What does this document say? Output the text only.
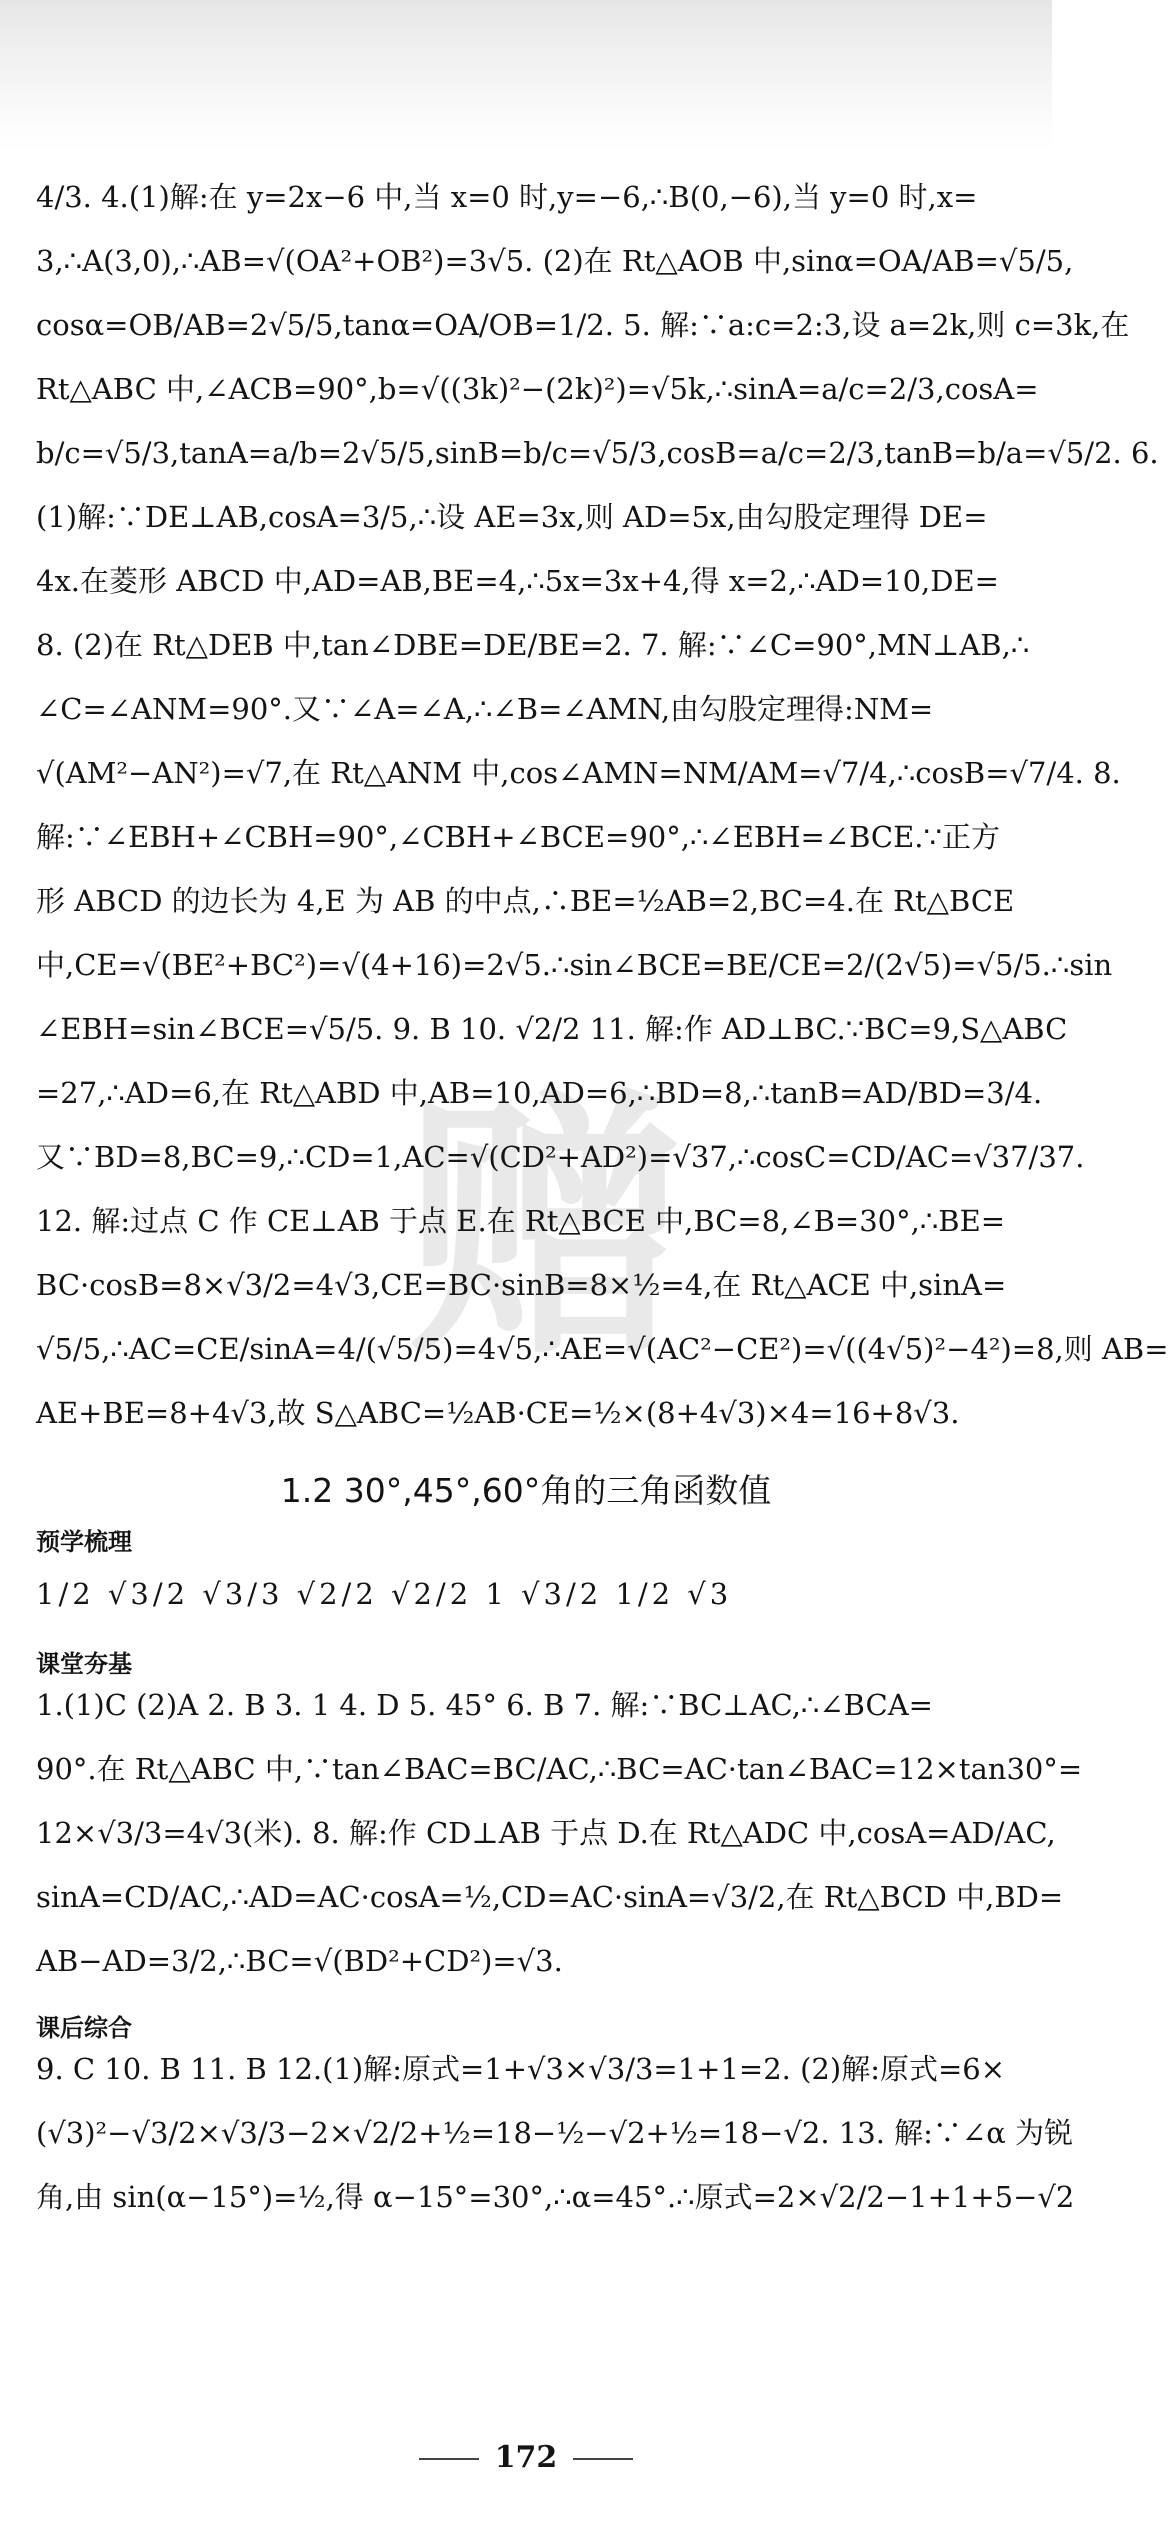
赠
4/3. 4.(1)解:在 y=2x−6 中,当 x=0 时,y=−6,∴B(0,−6),当 y=0 时,x=
3,∴A(3,0),∴AB=√(OA²+OB²)=3√5. (2)在 Rt△AOB 中,sinα=OA/AB=√5/5,
cosα=OB/AB=2√5/5,tanα=OA/OB=1/2. 5. 解:∵a:c=2:3,设 a=2k,则 c=3k,在
Rt△ABC 中,∠ACB=90°,b=√((3k)²−(2k)²)=√5k,∴sinA=a/c=2/3,cosA=
b/c=√5/3,tanA=a/b=2√5/5,sinB=b/c=√5/3,cosB=a/c=2/3,tanB=b/a=√5/2. 6.
(1)解:∵DE⊥AB,cosA=3/5,∴设 AE=3x,则 AD=5x,由勾股定理得 DE=
4x.在菱形 ABCD 中,AD=AB,BE=4,∴5x=3x+4,得 x=2,∴AD=10,DE=
8. (2)在 Rt△DEB 中,tan∠DBE=DE/BE=2. 7. 解:∵∠C=90°,MN⊥AB,∴
∠C=∠ANM=90°.又∵∠A=∠A,∴∠B=∠AMN,由勾股定理得:NM=
√(AM²−AN²)=√7,在 Rt△ANM 中,cos∠AMN=NM/AM=√7/4,∴cosB=√7/4. 8.
解:∵∠EBH+∠CBH=90°,∠CBH+∠BCE=90°,∴∠EBH=∠BCE.∵正方
形 ABCD 的边长为 4,E 为 AB 的中点,∴BE=½AB=2,BC=4.在 Rt△BCE
中,CE=√(BE²+BC²)=√(4+16)=2√5.∴sin∠BCE=BE/CE=2/(2√5)=√5/5.∴sin
∠EBH=sin∠BCE=√5/5. 9. B 10. √2/2 11. 解:作 AD⊥BC.∵BC=9,S△ABC
=27,∴AD=6,在 Rt△ABD 中,AB=10,AD=6,∴BD=8,∴tanB=AD/BD=3/4.
又∵BD=8,BC=9,∴CD=1,AC=√(CD²+AD²)=√37,∴cosC=CD/AC=√37/37.
12. 解:过点 C 作 CE⊥AB 于点 E.在 Rt△BCE 中,BC=8,∠B=30°,∴BE=
BC·cosB=8×√3/2=4√3,CE=BC·sinB=8×½=4,在 Rt△ACE 中,sinA=
√5/5,∴AC=CE/sinA=4/(√5/5)=4√5,∴AE=√(AC²−CE²)=√((4√5)²−4²)=8,则 AB=
AE+BE=8+4√3,故 S△ABC=½AB·CE=½×(8+4√3)×4=16+8√3.
1.2 30°,45°,60°角的三角函数值
预学梳理
1/2 √3/2 √3/3 √2/2 √2/2 1 √3/2 1/2 √3
课堂夯基
1.(1)C (2)A 2. B 3. 1 4. D 5. 45° 6. B 7. 解:∵BC⊥AC,∴∠BCA=
90°.在 Rt△ABC 中,∵tan∠BAC=BC/AC,∴BC=AC·tan∠BAC=12×tan30°=
12×√3/3=4√3(米). 8. 解:作 CD⊥AB 于点 D.在 Rt△ADC 中,cosA=AD/AC,
sinA=CD/AC,∴AD=AC·cosA=½,CD=AC·sinA=√3/2,在 Rt△BCD 中,BD=
AB−AD=3/2,∴BC=√(BD²+CD²)=√3.
课后综合
9. C 10. B 11. B 12.(1)解:原式=1+√3×√3/3=1+1=2. (2)解:原式=6×
(√3)²−√3/2×√3/3−2×√2/2+½=18−½−√2+½=18−√2. 13. 解:∵∠α 为锐
角,由 sin(α−15°)=½,得 α−15°=30°,∴α=45°.∴原式=2×√2/2−1+1+5−√2
172
